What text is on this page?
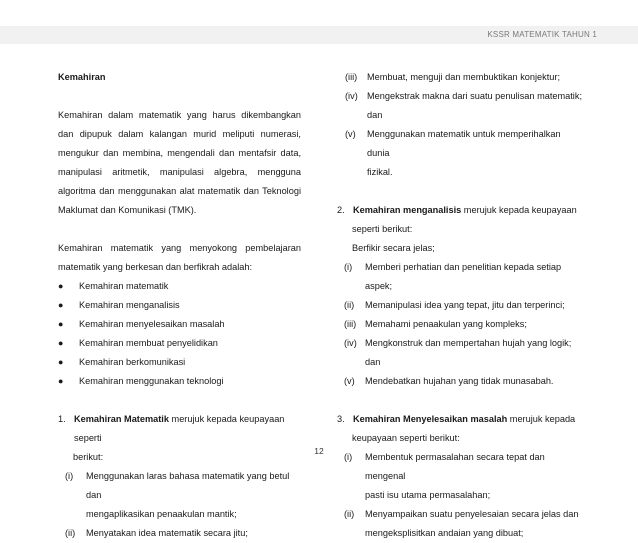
KSSR MATEMATIK TAHUN 1

Kemahiran

Kemahiran dalam matematik yang harus dikembangkan dan dipupuk dalam kalangan murid meliputi numerasi, mengukur dan membina, mengendali dan mentafsir data, manipulasi aritmetik, manipulasi algebra, mengguna algoritma dan menggunakan alat matematik dan Teknologi Maklumat dan Komunikasi (TMK).

Kemahiran matematik yang menyokong pembelajaran matematik yang berkesan dan berfikrah adalah:

●	Kemahiran matematik
●	Kemahiran menganalisis
●	Kemahiran menyelesaikan masalah
●	Kemahiran membuat penyelidikan
●	Kemahiran berkomunikasi
●	Kemahiran menggunakan teknologi
1. Kemahiran Matematik merujuk kepada keupayaan seperti

berikut:

(i)	Menggunakan laras bahasa matematik yang betul dan
mengaplikasikan penaakulan mantik;
(ii)	Menyatakan idea matematik secara jitu;
(iii)	Membuat, menguji dan membuktikan konjektur;
(iv)	Mengekstrak makna dari suatu penulisan matematik;
dan
(v)	Menggunakan matematik untuk memperihalkan dunia
fizikal.
2. Kemahiran menganalisis merujuk kepada keupayaan

seperti berikut:

Berfikir secara jelas;

(i)	Memberi perhatian dan penelitian kepada setiap
aspek;
(ii)	Memanipulasi idea yang tepat, jitu dan terperinci;
(iii) Memahami penaakulan yang kompleks;
(iv) Mengkonstruk dan mempertahan hujah yang logik; dan
(v)	Mendebatkan hujahan yang tidak munasabah.
3. Kemahiran Menyelesaikan masalah merujuk kepada

keupayaan seperti berikut:

(i)	Membentuk permasalahan secara tepat dan mengenal
pasti isu utama permasalahan;
(ii)	Menyampaikan suatu penyelesaian secara jelas dan
mengeksplisitkan andaian yang dibuat;
12
